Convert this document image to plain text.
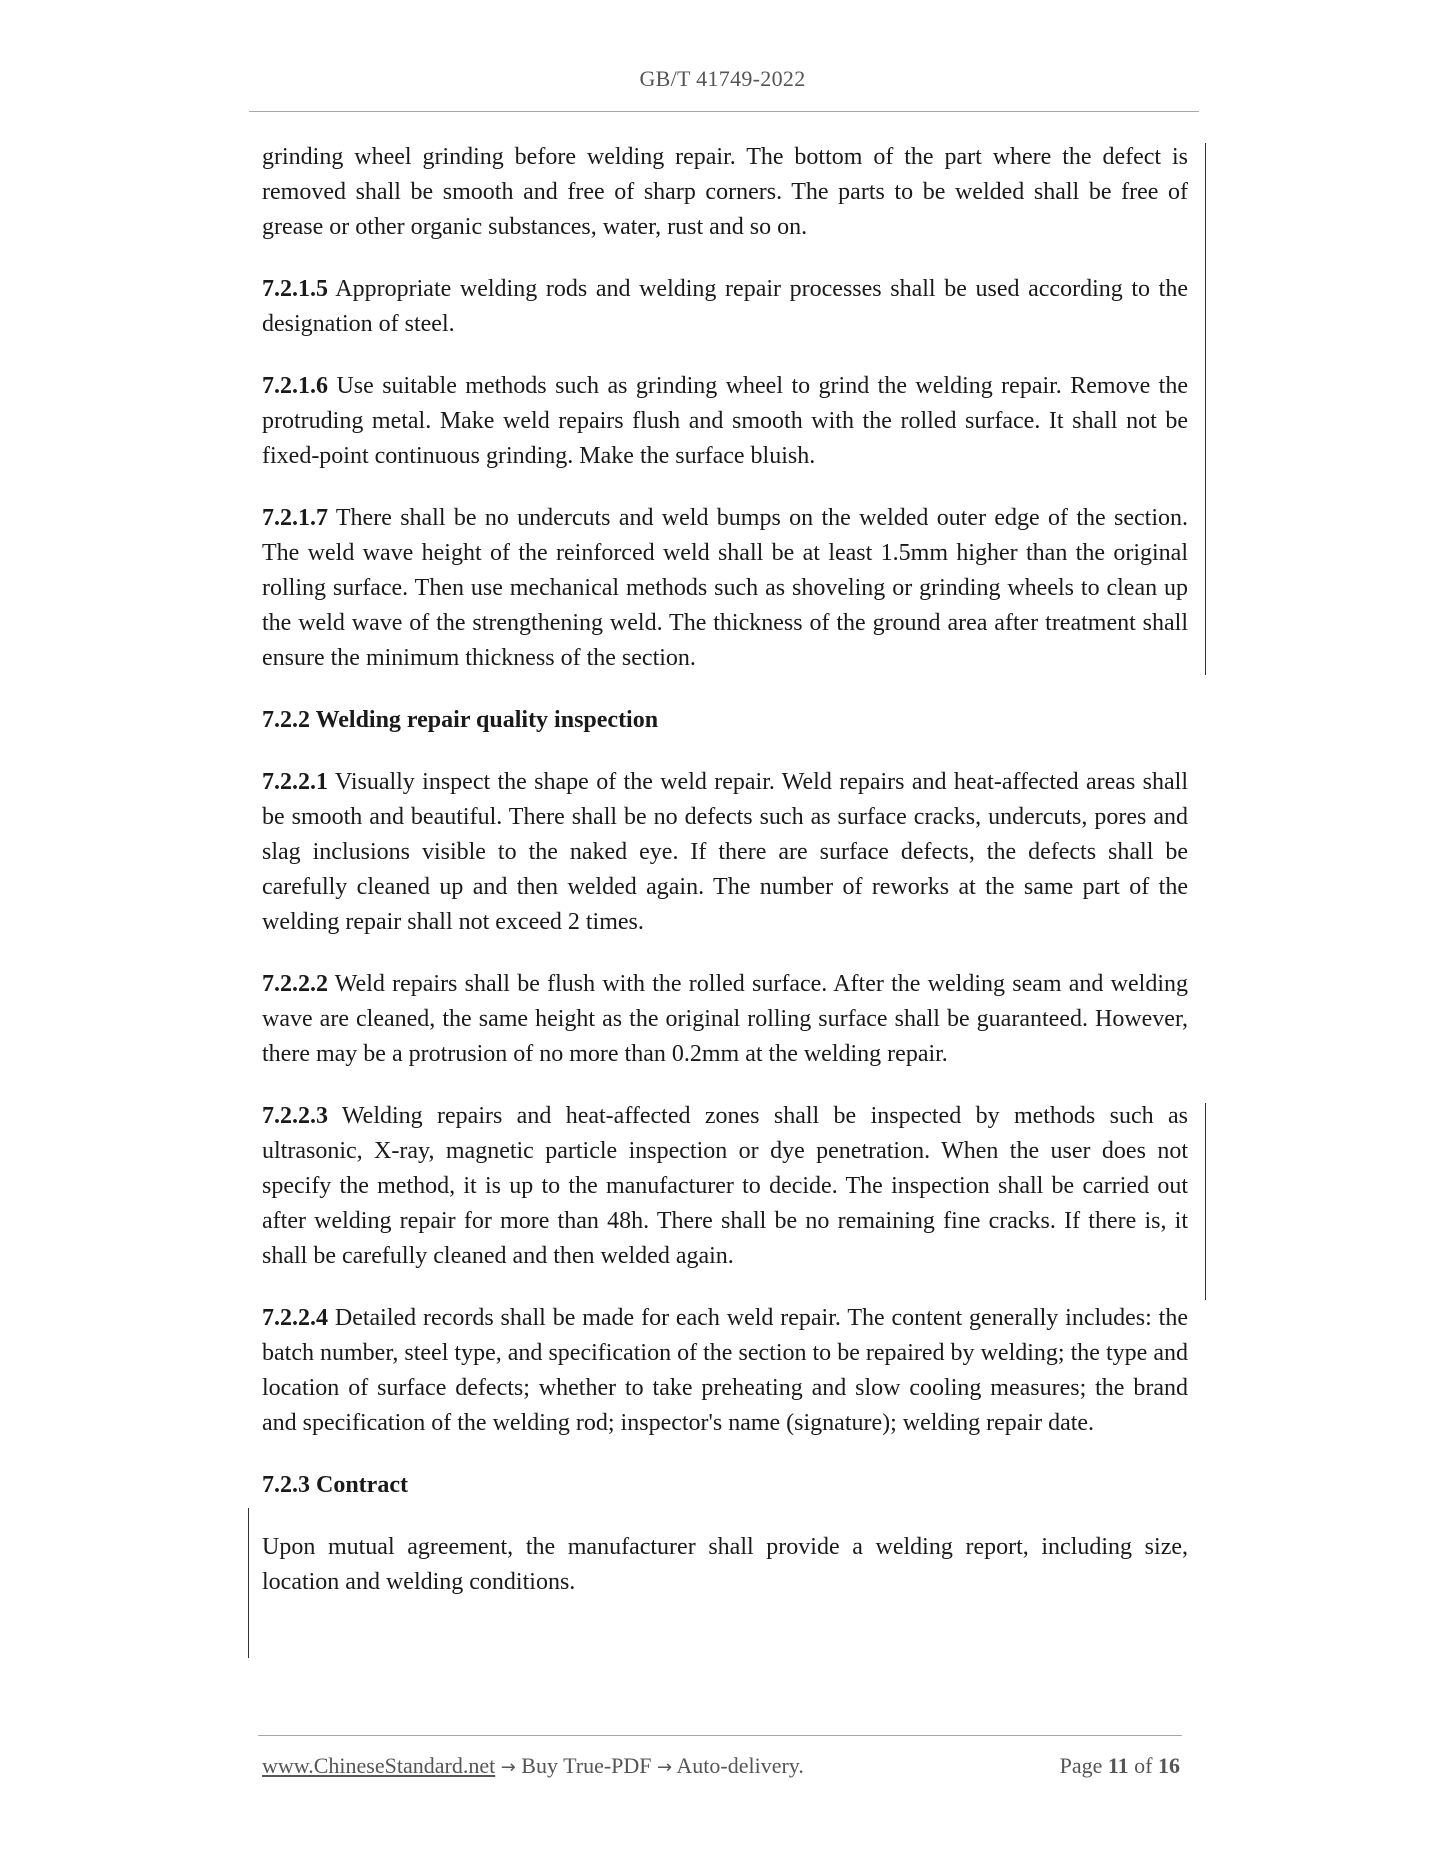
GB/T 41749-2022

grinding wheel grinding before welding repair. The bottom of the part where the defect is removed shall be smooth and free of sharp corners. The parts to be welded shall be free of grease or other organic substances, water, rust and so on.

7.2.1.5 Appropriate welding rods and welding repair processes shall be used according to the designation of steel.

7.2.1.6 Use suitable methods such as grinding wheel to grind the welding repair. Remove the protruding metal. Make weld repairs flush and smooth with the rolled surface. It shall not be fixed-point continuous grinding. Make the surface bluish.

7.2.1.7 There shall be no undercuts and weld bumps on the welded outer edge of the section. The weld wave height of the reinforced weld shall be at least 1.5mm higher than the original rolling surface. Then use mechanical methods such as shoveling or grinding wheels to clean up the weld wave of the strengthening weld. The thickness of the ground area after treatment shall ensure the minimum thickness of the section.

7.2.2 Welding repair quality inspection

7.2.2.1 Visually inspect the shape of the weld repair. Weld repairs and heat-affected areas shall be smooth and beautiful. There shall be no defects such as surface cracks, undercuts, pores and slag inclusions visible to the naked eye. If there are surface defects, the defects shall be carefully cleaned up and then welded again. The number of reworks at the same part of the welding repair shall not exceed 2 times.

7.2.2.2 Weld repairs shall be flush with the rolled surface. After the welding seam and welding wave are cleaned, the same height as the original rolling surface shall be guaranteed. However, there may be a protrusion of no more than 0.2mm at the welding repair.

7.2.2.3 Welding repairs and heat-affected zones shall be inspected by methods such as ultrasonic, X-ray, magnetic particle inspection or dye penetration. When the user does not specify the method, it is up to the manufacturer to decide. The inspection shall be carried out after welding repair for more than 48h. There shall be no remaining fine cracks. If there is, it shall be carefully cleaned and then welded again.

7.2.2.4 Detailed records shall be made for each weld repair. The content generally includes: the batch number, steel type, and specification of the section to be repaired by welding; the type and location of surface defects; whether to take preheating and slow cooling measures; the brand and specification of the welding rod; inspector's name (signature); welding repair date.

7.2.3 Contract

Upon mutual agreement, the manufacturer shall provide a welding report, including size, location and welding conditions.

www.ChineseStandard.net → Buy True-PDF → Auto-delivery.	Page 11 of 16
